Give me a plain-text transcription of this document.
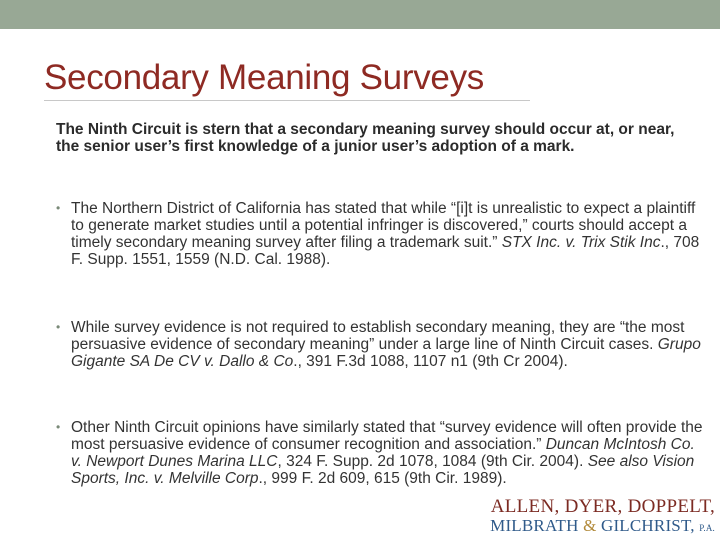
Secondary Meaning Surveys
The Ninth Circuit is stern that a secondary meaning survey should occur at, or near, the senior user’s first knowledge of a junior user’s adoption of a mark.
• The Northern District of California has stated that while “[i]t is unrealistic to expect a plaintiff to generate market studies until a potential infringer is discovered,” courts should accept a timely secondary meaning survey after filing a trademark suit.” STX Inc. v. Trix Stik Inc., 708 F. Supp. 1551, 1559 (N.D. Cal. 1988).
• While survey evidence is not required to establish secondary meaning, they are “the most persuasive evidence of secondary meaning” under a large line of Ninth Circuit cases. Grupo Gigante SA De CV v. Dallo & Co., 391 F.3d 1088, 1107 n1 (9th Cr 2004).
• Other Ninth Circuit opinions have similarly stated that “survey evidence will often provide the most persuasive evidence of consumer recognition and association.” Duncan McIntosh Co. v. Newport Dunes Marina LLC, 324 F. Supp. 2d 1078, 1084 (9th Cir. 2004). See also Vision Sports, Inc. v. Melville Corp., 999 F. 2d 609, 615 (9th Cir. 1989).
ALLEN, DYER, DOPPELT,
MILBRATH & GILCHRIST, P.A.
